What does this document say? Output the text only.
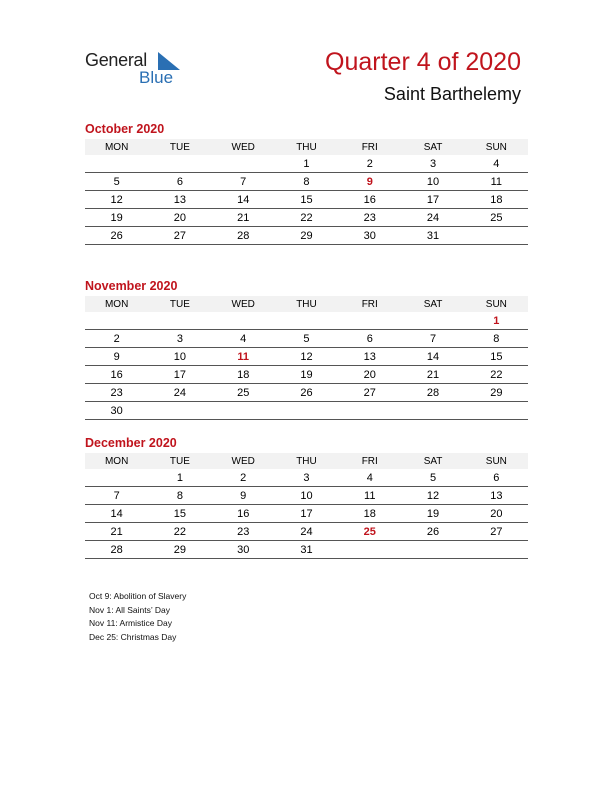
General
Blue
Quarter 4 of 2020
Saint Barthelemy
October 2020
MON	TUE	WED	THU	FRI	SAT	SUN
			1	2	3	4
5	6	7	8	9	10	11
12	13	14	15	16	17	18
19	20	21	22	23	24	25
26	27	28	29	30	31	
November 2020
MON	TUE	WED	THU	FRI	SAT	SUN
						1
2	3	4	5	6	7	8
9	10	11	12	13	14	15
16	17	18	19	20	21	22
23	24	25	26	27	28	29
30						
December 2020
MON	TUE	WED	THU	FRI	SAT	SUN
	1	2	3	4	5	6
7	8	9	10	11	12	13
14	15	16	17	18	19	20
21	22	23	24	25	26	27
28	29	30	31			
Oct 9: Abolition of Slavery
Nov 1: All Saints’ Day
Nov 11: Armistice Day
Dec 25: Christmas Day
